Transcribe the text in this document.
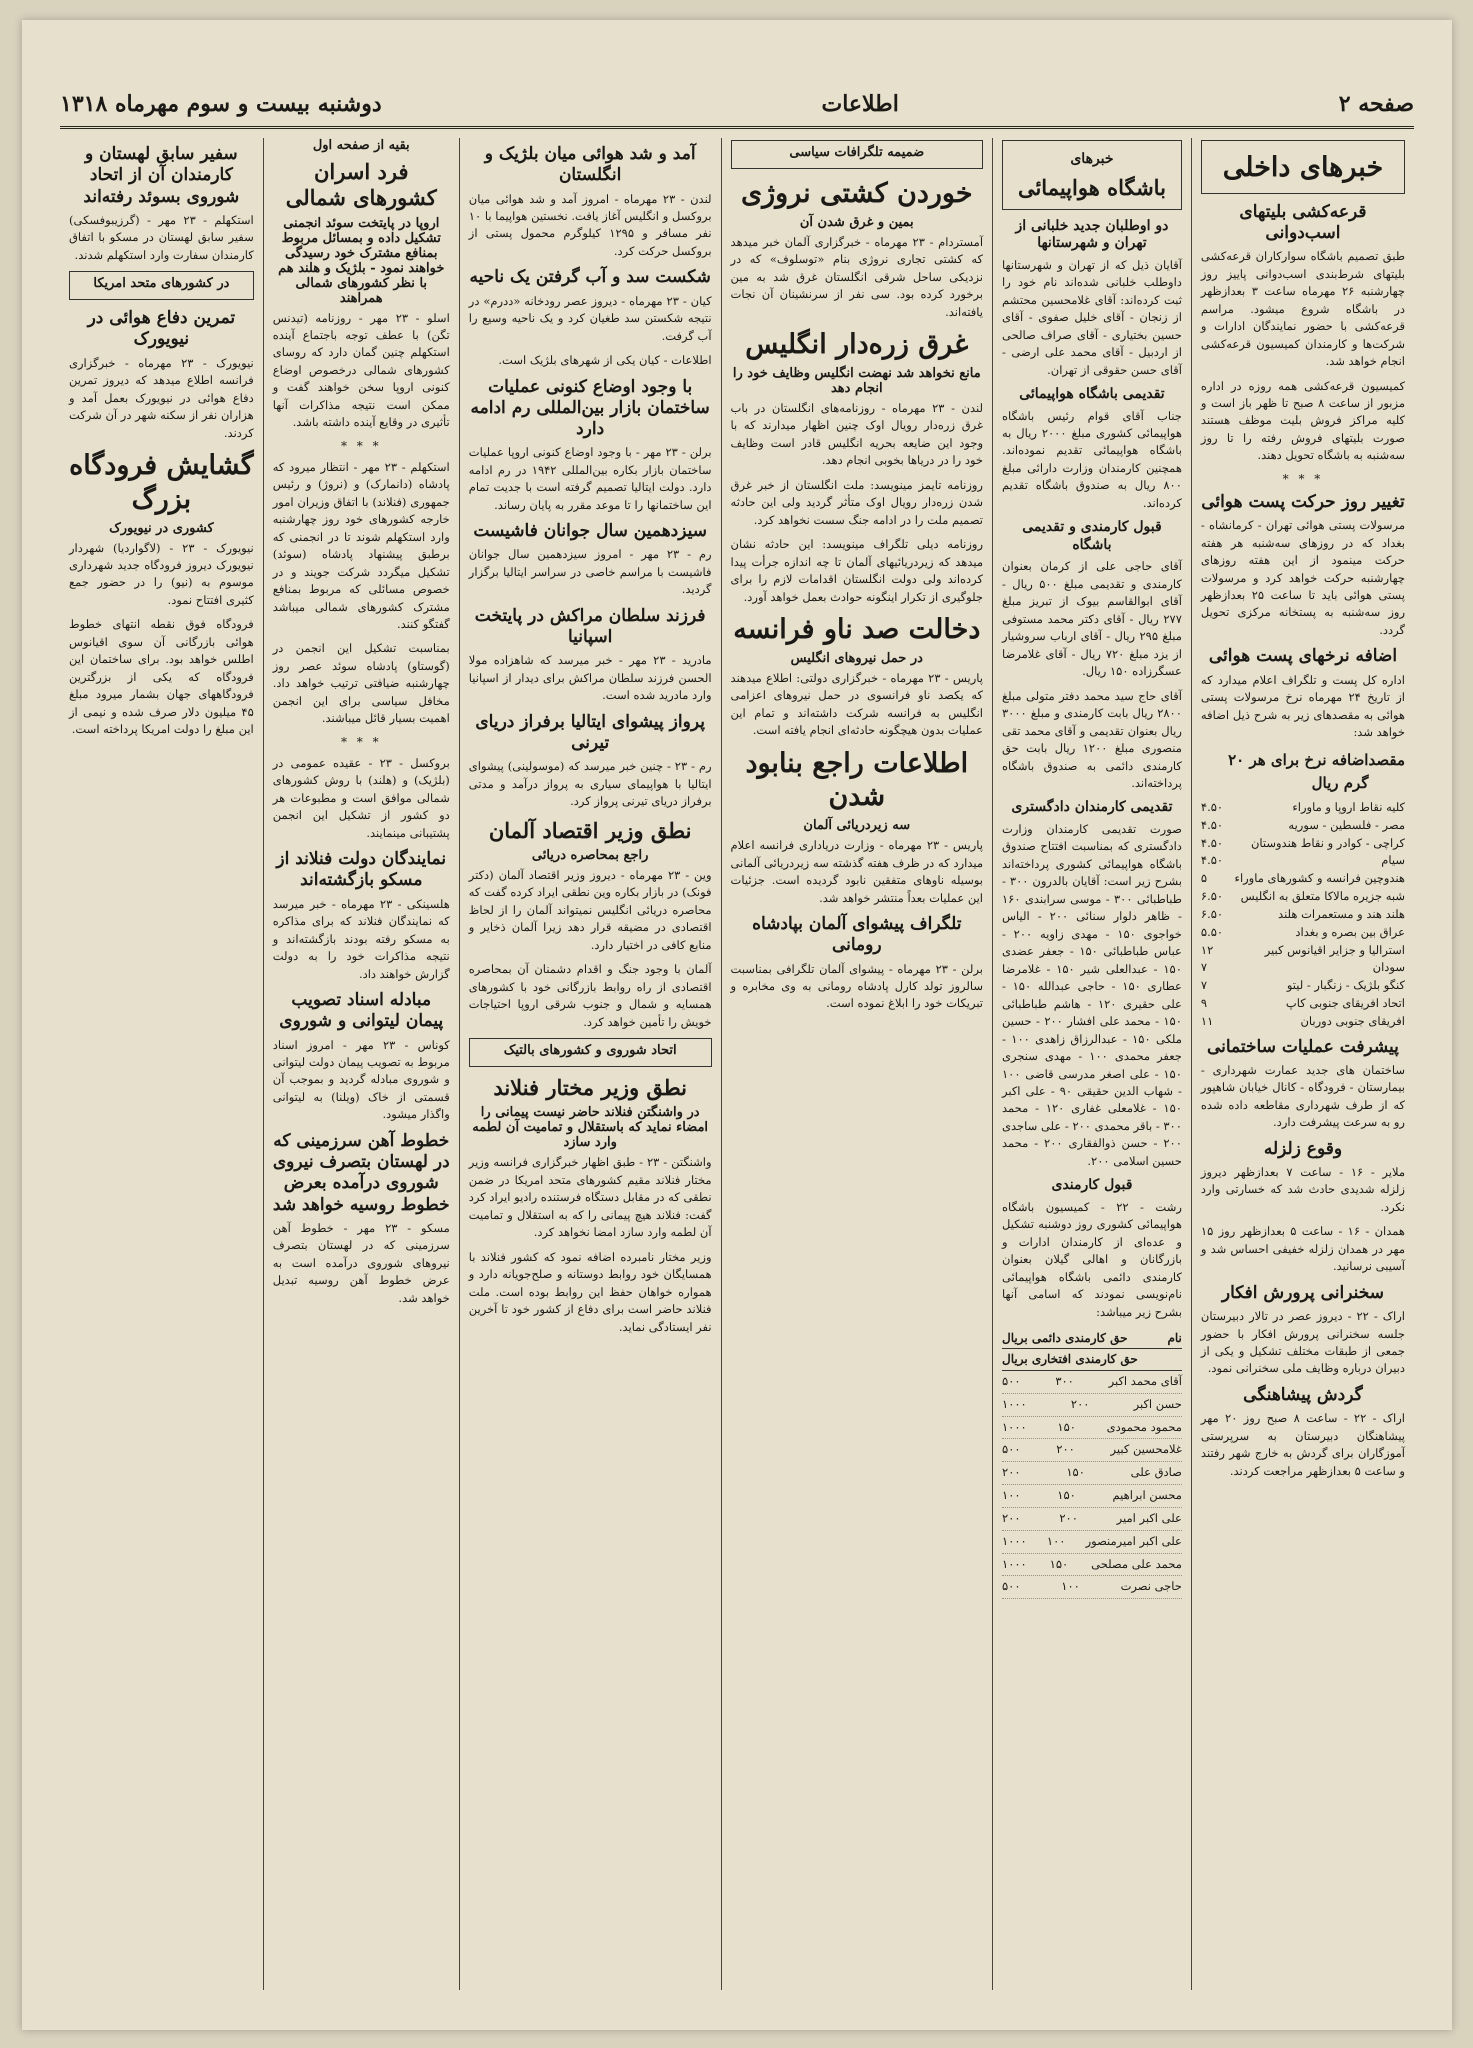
صفحه ۲
اطلاعات
دوشنبه بیست و سوم مهرماه ۱۳۱۸
خبرهای داخلی
قرعه‌کشی بلیتهای اسب‌دوانی

طبق تصمیم باشگاه سوارکاران قرعه‌کشی بلیتهای شرط‌بندی اسب‌دوانی پاییز روز چهارشنبه ۲۶ مهرماه ساعت ۳ بعدازظهر در باشگاه شروع میشود. مراسم قرعه‌کشی با حضور نمایندگان ادارات و شرکت‌ها و کارمندان کمیسیون قرعه‌کشی انجام خواهد شد.

کمیسیون قرعه‌کشی همه روزه در اداره مزبور از ساعت ۸ صبح تا ظهر باز است و کلیه مراکز فروش بلیت موظف هستند صورت بلیتهای فروش رفته را تا روز سه‌شنبه به باشگاه تحویل دهند.

* * *
تغییر روز حرکت پست هوائی

مرسولات پستی هوائی تهران - کرمانشاه - بغداد که در روزهای سه‌شنبه هر هفته حرکت مینمود از این هفته روزهای چهارشنبه حرکت خواهد کرد و مرسولات پستی هوائی باید تا ساعت ۲۵ بعدازظهر روز سه‌شنبه به پستخانه مرکزی تحویل گردد.

اضافه نرخهای پست هوائی

اداره کل پست و تلگراف اعلام میدارد که از تاریخ ۲۴ مهرماه نرخ مرسولات پستی هوائی به مقصدهای زیر به شرح ذیل اضافه خواهد شد:

مقصد
اضافه نرخ برای هر ۲۰ گرم ریال
کلیه نقاط اروپا و ماوراء
۴.۵۰
مصر - فلسطین - سوریه
۴.۵۰
کراچی - کوادر و نقاط هندوستان
۴.۵۰
سیام
۴.۵۰
هندوچین فرانسه و کشورهای ماوراء
۵
شبه جزیره مالاکا متعلق به انگلیس
۶.۵۰
هلند هند و مستعمرات هلند
۶.۵۰
عراق بین بصره و بغداد
۵.۵۰
استرالیا و جزایر اقیانوس کبیر
۱۲
سودان
۷
کنگو بلژیک - زنگبار - لیتو
۷
اتحاد افریقای جنوبی کاپ
۹
افریقای جنوبی دوربان
۱۱
پیشرفت عملیات ساختمانی

ساختمان های جدید عمارت شهرداری - بیمارستان - فرودگاه - کانال خیابان شاهپور که از طرف شهرداری مقاطعه داده شده رو به سرعت پیشرفت دارد.

وقوع زلزله

ملایر - ۱۶ - ساعت ۷ بعدازظهر دیروز زلزله شدیدی حادث شد که خسارتی وارد نکرد.

همدان - ۱۶ - ساعت ۵ بعدازظهر روز ۱۵ مهر در همدان زلزله خفیفی احساس شد و آسیبی نرسانید.

سخنرانی پرورش افکار

اراک - ۲۲ - دیروز عصر در تالار دبیرستان جلسه سخنرانی پرورش افکار با حضور جمعی از طبقات مختلف تشکیل و یکی از دبیران درباره وظایف ملی سخنرانی نمود.

گردش پیشاهنگی

اراک - ۲۲ - ساعت ۸ صبح روز ۲۰ مهر پیشاهنگان دبیرستان به سرپرستی آموزگاران برای گردش به خارج شهر رفتند و ساعت ۵ بعدازظهر مراجعت کردند.

خبرهای
باشگاه هواپیمائی
دو اوطلبان جدید خلبانی از تهران و شهرستانها

آقایان ذیل که از تهران و شهرستانها داوطلب خلبانی شده‌اند نام خود را ثبت کرده‌اند: آقای غلامحسین محتشم از زنجان - آقای خلیل صفوی - آقای حسین بختیاری - آقای صراف صالحی از اردبیل - آقای محمد علی ارضی - آقای حسن حقوقی از تهران.

تقدیمی باشگاه هواپیمائی

جناب آقای قوام رئیس باشگاه هواپیمائی کشوری مبلغ ۲۰۰۰ ریال به باشگاه هواپیمائی تقدیم نموده‌اند. همچنین کارمندان وزارت دارائی مبلغ ۸۰۰ ریال به صندوق باشگاه تقدیم کرده‌اند.

قبول کارمندی و تقدیمی باشگاه

آقای حاجی علی از کرمان بعنوان کارمندی و تقدیمی مبلغ ۵۰۰ ریال - آقای ابوالقاسم بیوک از تبریز مبلغ ۲۷۷ ریال - آقای دکتر محمد مستوفی مبلغ ۲۹۵ ریال - آقای ارباب سروشیار از یزد مبلغ ۷۲۰ ریال - آقای غلامرضا عسگرزاده ۱۵۰ ریال.

آقای حاج سید محمد دفتر متولی مبلغ ۲۸۰۰ ریال بابت کارمندی و مبلغ ۳۰۰۰ ریال بعنوان تقدیمی و آقای محمد تقی منصوری مبلغ ۱۲۰۰ ریال بابت حق کارمندی دائمی به صندوق باشگاه پرداخته‌اند.

تقدیمی کارمندان دادگستری

صورت تقدیمی کارمندان وزارت دادگستری که بمناسبت افتتاح صندوق باشگاه هواپیمائی کشوری پرداخته‌اند بشرح زیر است: آقایان بالدرون ۳۰۰ - طباطبائی ۳۰۰ - موسی سرابندی ۱۶۰ - ظاهر دلوار سنائی ۲۰۰ - الیاس خواجوی ۱۵۰ - مهدی زاویه ۲۰۰ - عباس طباطبائی ۱۵۰ - جعفر عضدی ۱۵۰ - عبدالعلی شیر ۱۵۰ - غلامرضا عطاری ۱۵۰ - حاجی عبدالله ۱۵۰ - علی حقیری ۱۲۰ - هاشم طباطبائی ۱۵۰ - محمد علی افشار ۲۰۰ - حسین ملکی ۱۵۰ - عبدالرزاق زاهدی ۱۰۰ - جعفر محمدی ۱۰۰ - مهدی سنجری ۱۵۰ - علی اصغر مدرسی قاضی ۱۰۰ - شهاب الدین حقیقی ۹۰ - علی اکبر ۱۵۰ - غلامعلی غفاری ۱۲۰ - محمد ۳۰۰ - باقر محمدی ۲۰۰ - علی ساجدی ۲۰۰ - حسن ذوالفقاری ۲۰۰ - محمد حسین اسلامی ۲۰۰.

قبول کارمندی

رشت - ۲۲ - کمیسیون باشگاه هواپیمائی کشوری روز دوشنبه تشکیل و عده‌ای از کارمندان ادارات و بازرگانان و اهالی گیلان بعنوان کارمندی دائمی باشگاه هواپیمائی نام‌نویسی نمودند که اسامی آنها بشرح زیر میباشد:

نام
حق کارمندی دائمی بریال
حق کارمندی افتخاری بریال
آقای محمد اکبر
۳۰۰
۵۰۰
حسن اکبر
۲۰۰
۱۰۰۰
محمود محمودی
۱۵۰
۱۰۰۰
غلامحسین کبیر
۲۰۰
۵۰۰
صادق علی
۱۵۰
۲۰۰
محسن ابراهیم
۱۵۰
۱۰۰
علی اکبر امیر
۲۰۰
۲۰۰
علی اکبر امیرمنصور
۱۰۰
۱۰۰۰
محمد علی مصلحی
۱۵۰
۱۰۰۰
حاجی نصرت
۱۰۰
۵۰۰
ضمیمه تلگرافات سیاسی
خوردن کشتی نروژی
بمین و غرق شدن آن

آمستردام - ۲۳ مهرماه - خبرگزاری آلمان خبر میدهد که کشتی تجاری نروژی بنام «توسلوف» که در نزدیکی ساحل شرقی انگلستان غرق شد به مین برخورد کرده بود. سی نفر از سرنشینان آن نجات یافته‌اند.

غرق زره‌دار انگلیس
مانع نخواهد شد نهضت انگلیس وظایف خود را انجام دهد

لندن - ۲۳ مهرماه - روزنامه‌های انگلستان در باب غرق زره‌دار رویال اوک چنین اظهار میدارند که با وجود این ضایعه بحریه انگلیس قادر است وظایف خود را در دریاها بخوبی انجام دهد.

روزنامه تایمز مینویسد: ملت انگلستان از خبر غرق شدن زره‌دار رویال اوک متأثر گردید ولی این حادثه تصمیم ملت را در ادامه جنگ سست نخواهد کرد.

روزنامه دیلی تلگراف مینویسد: این حادثه نشان میدهد که زیردریائیهای آلمان تا چه اندازه جرأت پیدا کرده‌اند ولی دولت انگلستان اقدامات لازم را برای جلوگیری از تکرار اینگونه حوادث بعمل خواهد آورد.

دخالت صد ناو فرانسه
در حمل نیروهای انگلیس

پاریس - ۲۳ مهرماه - خبرگزاری دولتی: اطلاع میدهند که یکصد ناو فرانسوی در حمل نیروهای اعزامی انگلیس به فرانسه شرکت داشته‌اند و تمام این عملیات بدون هیچگونه حادثه‌ای انجام یافته است.

اطلاعات راجع بنابود شدن
سه زیردریائی آلمان

پاریس - ۲۳ مهرماه - وزارت دریاداری فرانسه اعلام میدارد که در ظرف هفته گذشته سه زیردریائی آلمانی بوسیله ناوهای متفقین نابود گردیده است. جزئیات این عملیات بعداً منتشر خواهد شد.

تلگراف پیشوای آلمان بپادشاه رومانی

برلن - ۲۳ مهرماه - پیشوای آلمان تلگرافی بمناسبت سالروز تولد کارل پادشاه رومانی به وی مخابره و تبریکات خود را ابلاغ نموده است.

آمد و شد هوائی میان بلژیک و انگلستان

لندن - ۲۳ مهرماه - امروز آمد و شد هوائی میان بروکسل و انگلیس آغاز یافت. نخستین هواپیما با ۱۰ نفر مسافر و ۱۲۹۵ کیلوگرم محمول پستی از بروکسل حرکت کرد.

شکست سد و آب گرفتن یک ناحیه

کیان - ۲۳ مهرماه - دیروز عصر رودخانه «ددرم» در نتیجه شکستن سد طغیان کرد و یک ناحیه وسیع را آب گرفت.

اطلاعات - کیان یکی از شهرهای بلژیک است.

با وجود اوضاع کنونی عملیات ساختمان بازار بین‌المللی رم ادامه دارد

برلن - ۲۳ مهر - با وجود اوضاع کنونی اروپا عملیات ساختمان بازار بکاره بین‌المللی ۱۹۴۲ در رم ادامه دارد. دولت ایتالیا تصمیم گرفته است با جدیت تمام این ساختمانها را تا موعد مقرر به پایان رساند.

سیزدهمین سال جوانان فاشیست

رم - ۲۳ مهر - امروز سیزدهمین سال جوانان فاشیست با مراسم خاصی در سراسر ایتالیا برگزار گردید.

فرزند سلطان مراکش در پایتخت اسپانیا

مادرید - ۲۳ مهر - خبر میرسد که شاهزاده مولا الحسن فرزند سلطان مراکش برای دیدار از اسپانیا وارد مادرید شده است.

پرواز پیشوای ایتالیا برفراز دریای تیرنی

رم - ۲۳ - چنین خبر میرسد که (موسولینی) پیشوای ایتالیا با هواپیمای سیاری به پرواز درآمد و مدتی برفراز دریای تیرنی پرواز کرد.

نطق وزیر اقتصاد آلمان
راجع بمحاصره دریائی

وین - ۲۳ مهرماه - دیروز وزیر اقتصاد آلمان (دکتر فونک) در بازار بکاره وین نطقی ایراد کرده گفت که محاصره دریائی انگلیس نمیتواند آلمان را از لحاظ اقتصادی در مضیقه قرار دهد زیرا آلمان ذخایر و منابع کافی در اختیار دارد.

آلمان با وجود جنگ و اقدام دشمنان آن بمحاصره اقتصادی از راه روابط بازرگانی خود با کشورهای همسایه و شمال و جنوب شرقی اروپا احتیاجات خویش را تأمین خواهد کرد.

اتحاد شوروی و کشورهای بالتیک
نطق وزیر مختار فنلاند
در واشنگتن فنلاند حاضر نیست پیمانی را امضاء نماید که باستقلال و تمامیت آن لطمه وارد سازد

واشنگتن - ۲۳ - طبق اظهار خبرگزاری فرانسه وزیر مختار فنلاند مقیم کشورهای متحد امریکا در ضمن نطقی که در مقابل دستگاه فرستنده رادیو ایراد کرد گفت: فنلاند هیچ پیمانی را که به استقلال و تمامیت آن لطمه وارد سازد امضا نخواهد کرد.

وزیر مختار نامبرده اضافه نمود که کشور فنلاند با همسایگان خود روابط دوستانه و صلح‌جویانه دارد و همواره خواهان حفظ این روابط بوده است. ملت فنلاند حاضر است برای دفاع از کشور خود تا آخرین نفر ایستادگی نماید.

بقیه از صفحه اول
فرد اسران کشورهای شمالی
اروپا در پایتخت سوئد انجمنی تشکیل داده و بمسائل مربوط بمنافع مشترک خود رسیدگی خواهند نمود - بلژیک و هلند هم با نظر کشورهای شمالی همراهند

اسلو - ۲۳ مهر - روزنامه (تیدنس تگن) با عطف توجه باجتماع آینده استکهلم چنین گمان دارد که روسای کشورهای شمالی درخصوص اوضاع کنونی اروپا سخن خواهند گفت و ممکن است نتیجه مذاکرات آنها تأثیری در وقایع آینده داشته باشد.

* * *

استکهلم - ۲۳ مهر - انتظار میرود که پادشاه (دانمارک) و (نروژ) و رئیس جمهوری (فنلاند) با اتفاق وزیران امور خارجه کشورهای خود روز چهارشنبه وارد استکهلم شوند تا در انجمنی که برطبق پیشنهاد پادشاه (سوئد) تشکیل میگردد شرکت جویند و در خصوص مسائلی که مربوط بمنافع مشترک کشورهای شمالی میباشد گفتگو کنند.

بمناسبت تشکیل این انجمن در (گوستاو) پادشاه سوئد عصر روز چهارشنبه ضیافتی ترتیب خواهد داد. مخافل سیاسی برای این انجمن اهمیت بسیار قائل میباشند.

* * *

بروکسل - ۲۳ - عقیده عمومی در (بلژیک) و (هلند) با روش کشورهای شمالی موافق است و مطبوعات هر دو کشور از تشکیل این انجمن پشتیبانی مینمایند.

نمایندگان دولت فنلاند از مسکو بازگشته‌اند

هلسینکی - ۲۳ مهرماه - خبر میرسد که نمایندگان فنلاند که برای مذاکره به مسکو رفته بودند بازگشته‌اند و نتیجه مذاکرات خود را به دولت گزارش خواهند داد.

مبادله اسناد تصویب پیمان لیتوانی و شوروی

کوناس - ۲۳ مهر - امروز اسناد مربوط به تصویب پیمان دولت لیتوانی و شوروی مبادله گردید و بموجب آن قسمتی از خاک (ویلنا) به لیتوانی واگذار میشود.

خطوط آهن سرزمینی که در لهستان بتصرف نیروی شوروی درآمده بعرض خطوط روسیه خواهد شد

مسکو - ۲۳ مهر - خطوط آهن سرزمینی که در لهستان بتصرف نیروهای شوروی درآمده است به عرض خطوط آهن روسیه تبدیل خواهد شد.

سفیر سابق لهستان و کارمندان آن از اتحاد شوروی بسوئد رفته‌اند

استکهلم - ۲۳ مهر - (گرزیبوفسکی) سفیر سابق لهستان در مسکو با اتفاق کارمندان سفارت وارد استکهلم شدند.

در کشورهای متحد امریکا
تمرین دفاع هوائی در نیویورک

نیویورک - ۲۳ مهرماه - خبرگزاری فرانسه اطلاع میدهد که دیروز تمرین دفاع هوائی در نیویورک بعمل آمد و هزاران نفر از سکنه شهر در آن شرکت کردند.

گشایش فرودگاه بزرگ
کشوری در نیویورک

نیویورک - ۲۳ - (لاگواردیا) شهردار نیویورک دیروز فرودگاه جدید شهرداری موسوم به (نیو) را در حضور جمع کثیری افتتاح نمود.

فرودگاه فوق نقطه انتهای خطوط هوائی بازرگانی آن سوی اقیانوس اطلس خواهد بود. برای ساختمان این فرودگاه که یکی از بزرگترین فرودگاههای جهان بشمار میرود مبلغ ۴۵ میلیون دلار صرف شده و نیمی از این مبلغ را دولت امریکا پرداخته است.
